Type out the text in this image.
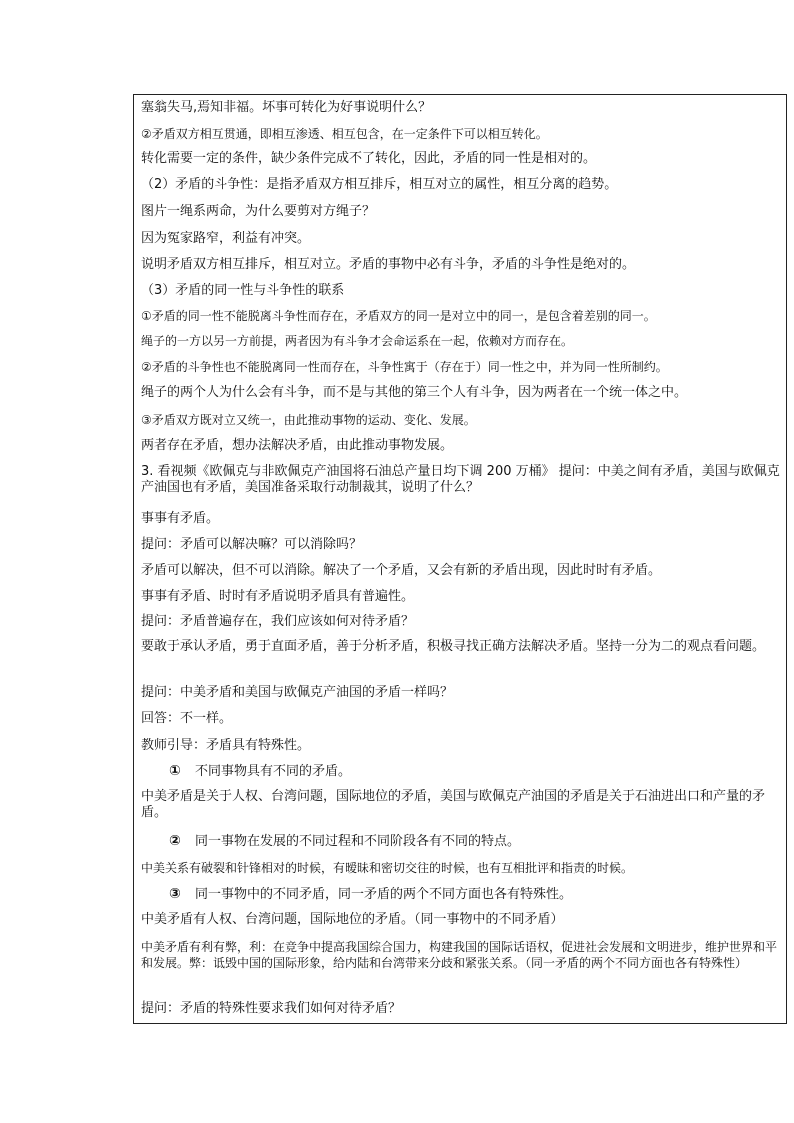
塞翁失马,焉知非福。坏事可转化为好事说明什么？
②矛盾双方相互贯通，即相互渗透、相互包含，在一定条件下可以相互转化。
转化需要一定的条件，缺少条件完成不了转化，因此，矛盾的同一性是相对的。
（2）矛盾的斗争性：是指矛盾双方相互排斥，相互对立的属性，相互分离的趋势。
图片一绳系两命，为什么要剪对方绳子？
因为冤家路窄，利益有冲突。
说明矛盾双方相互排斥，相互对立。矛盾的事物中必有斗争，矛盾的斗争性是绝对的。
（3）矛盾的同一性与斗争性的联系
①矛盾的同一性不能脱离斗争性而存在，矛盾双方的同一是对立中的同一，是包含着差别的同一。
绳子的一方以另一方前提，两者因为有斗争才会命运系在一起，依赖对方而存在。
②矛盾的斗争性也不能脱离同一性而存在，斗争性寓于（存在于）同一性之中，并为同一性所制约。
绳子的两个人为什么会有斗争，而不是与其他的第三个人有斗争，因为两者在一个统一体之中。
③矛盾双方既对立又统一，由此推动事物的运动、变化、发展。
两者存在矛盾，想办法解决矛盾，由此推动事物发展。
3. 看视频《欧佩克与非欧佩克产油国将石油总产量日均下调 200 万桶》 提问：中美之间有矛盾，美国与欧佩克产油国也有矛盾，美国准备采取行动制裁其，说明了什么？
事事有矛盾。
提问：矛盾可以解决嘛？可以消除吗？
矛盾可以解决，但不可以消除。解决了一个矛盾，又会有新的矛盾出现，因此时时有矛盾。
事事有矛盾、时时有矛盾说明矛盾具有普遍性。
提问：矛盾普遍存在，我们应该如何对待矛盾？
要敢于承认矛盾，勇于直面矛盾，善于分析矛盾，积极寻找正确方法解决矛盾。坚持一分为二的观点看问题。
提问：中美矛盾和美国与欧佩克产油国的矛盾一样吗？
回答：不一样。
教师引导：矛盾具有特殊性。
① 不同事物具有不同的矛盾。
中美矛盾是关于人权、台湾问题，国际地位的矛盾，美国与欧佩克产油国的矛盾是关于石油进出口和产量的矛盾。
② 同一事物在发展的不同过程和不同阶段各有不同的特点。
中美关系有破裂和针锋相对的时候，有暧昧和密切交往的时候，也有互相批评和指责的时候。
③ 同一事物中的不同矛盾，同一矛盾的两个不同方面也各有特殊性。
中美矛盾有人权、台湾问题，国际地位的矛盾。（同一事物中的不同矛盾）
中美矛盾有利有弊，利：在竞争中提高我国综合国力，构建我国的国际话语权，促进社会发展和文明进步，维护世界和平和发展。弊：诋毁中国的国际形象，给内陆和台湾带来分歧和紧张关系。（同一矛盾的两个不同方面也各有特殊性）
提问：矛盾的特殊性要求我们如何对待矛盾？
